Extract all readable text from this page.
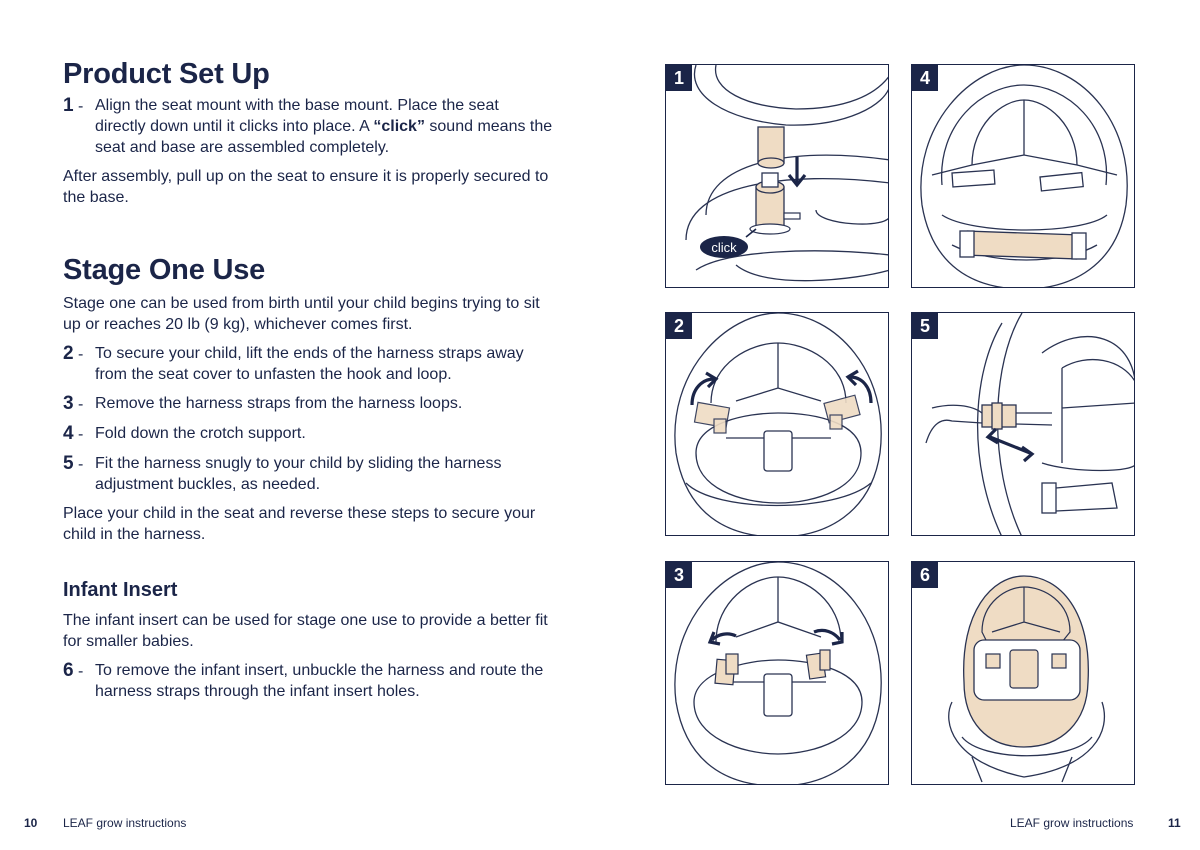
Product Set Up
1 - Align the seat mount with the base mount. Place the seat directly down until it clicks into place. A “click” sound means the seat and base are assembled completely.

After assembly, pull up on the seat to ensure it is properly secured to the base.

Stage One Use

Stage one can be used from birth until your child begins trying to sit up or reaches 20 lb (9 kg), whichever comes first.

2 - To secure your child, lift the ends of the harness straps away from the seat cover to unfasten the hook and loop.
3 - Remove the harness straps from the harness loops.
4 - Fold down the crotch support.
5 - Fit the harness snugly to your child by sliding the harness adjustment buckles, as needed.

Place your child in the seat and reverse these steps to secure your child in the harness.

Infant Insert

The infant insert can be used for stage one use to provide a better fit for smaller babies.

6 - To remove the infant insert, unbuckle the harness and route the harness straps through the infant insert holes.
click
1	4
2	5
3	6
10 LEAF grow instructions	LEAF grow instructions	11
